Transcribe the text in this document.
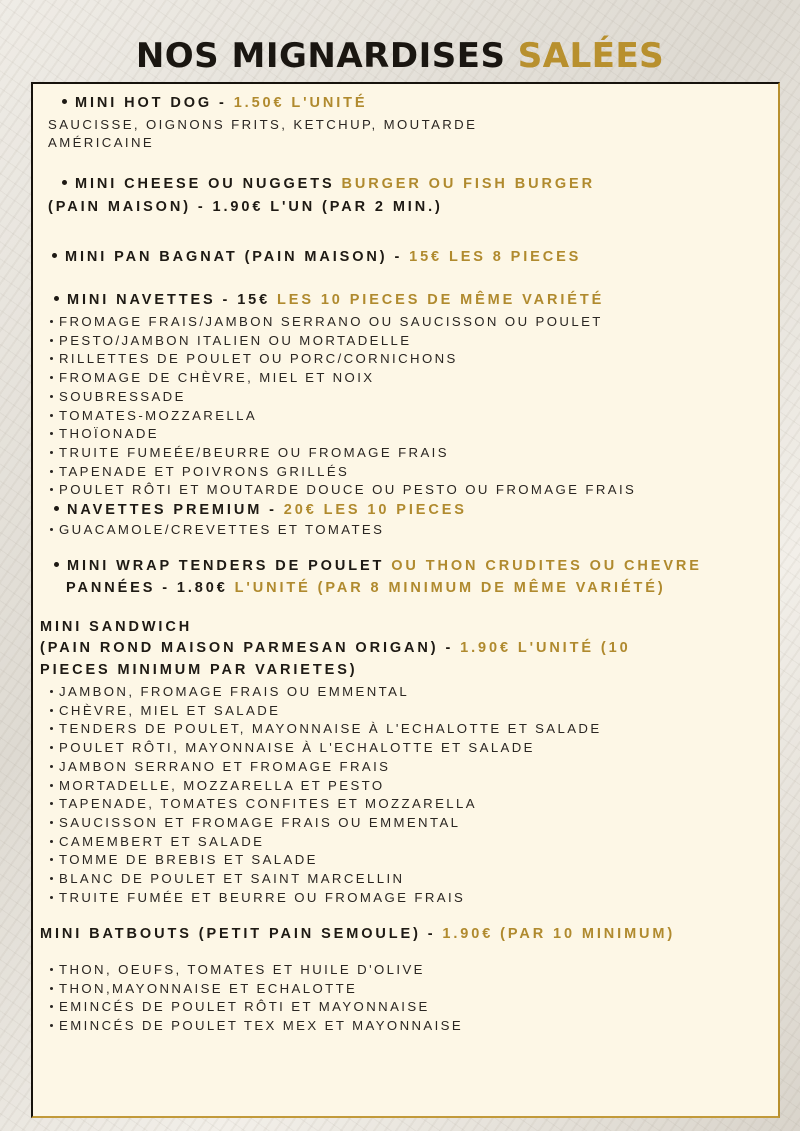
NOS MIGNARDISES SALÉES
MINI HOT DOG - 1.50€ L'UNITÉ
SAUCISSE, OIGNONS FRITS, KETCHUP, MOUTARDE
AMÉRICAINE
MINI CHEESE OU NUGGETS BURGER OU FISH BURGER
(PAIN MAISON) - 1.90€ L'UN (PAR 2 MIN.)
MINI PAN BAGNAT (PAIN MAISON) - 15€ LES 8 PIECES
MINI NAVETTES - 15€ LES 10 PIECES DE MÊME VARIÉTÉ
FROMAGE FRAIS/JAMBON SERRANO OU SAUCISSON OU POULET
PESTO/JAMBON ITALIEN OU MORTADELLE
RILLETTES DE POULET OU PORC/CORNICHONS
FROMAGE DE CHÈVRE, MIEL ET NOIX
SOUBRESSADE
TOMATES-MOZZARELLA
THOÏONADE
TRUITE FUMEÉE/BEURRE OU FROMAGE FRAIS
TAPENADE ET POIVRONS GRILLÉS
POULET RÔTI ET MOUTARDE DOUCE OU PESTO OU FROMAGE FRAIS
NAVETTES PREMIUM - 20€ LES 10 PIECES
GUACAMOLE/CREVETTES ET TOMATES
MINI WRAP TENDERS DE POULET OU THON CRUDITES OU CHEVRE
PANNÉES - 1.80€ L'UNITÉ (PAR 8 MINIMUM DE MÊME VARIÉTÉ)
MINI SANDWICH
(PAIN ROND MAISON PARMESAN ORIGAN) - 1.90€ L'UNITÉ (10
PIECES MINIMUM PAR VARIETES)
JAMBON, FROMAGE FRAIS OU EMMENTAL
CHÈVRE, MIEL ET SALADE
TENDERS DE POULET, MAYONNAISE À L'ECHALOTTE ET SALADE
POULET RÔTI, MAYONNAISE À L'ECHALOTTE ET SALADE
JAMBON SERRANO ET FROMAGE FRAIS
MORTADELLE, MOZZARELLA ET PESTO
TAPENADE, TOMATES CONFITES ET MOZZARELLA
SAUCISSON ET FROMAGE FRAIS OU EMMENTAL
CAMEMBERT ET SALADE
TOMME DE BREBIS ET SALADE
BLANC DE POULET ET SAINT MARCELLIN
TRUITE FUMÉE ET BEURRE OU FROMAGE FRAIS
MINI BATBOUTS (PETIT PAIN SEMOULE) - 1.90€ (PAR 10 MINIMUM)
THON, OEUFS, TOMATES ET HUILE D'OLIVE
THON,MAYONNAISE ET ECHALOTTE
EMINCÉS DE POULET RÔTI ET MAYONNAISE
EMINCÉS DE POULET TEX MEX ET MAYONNAISE
